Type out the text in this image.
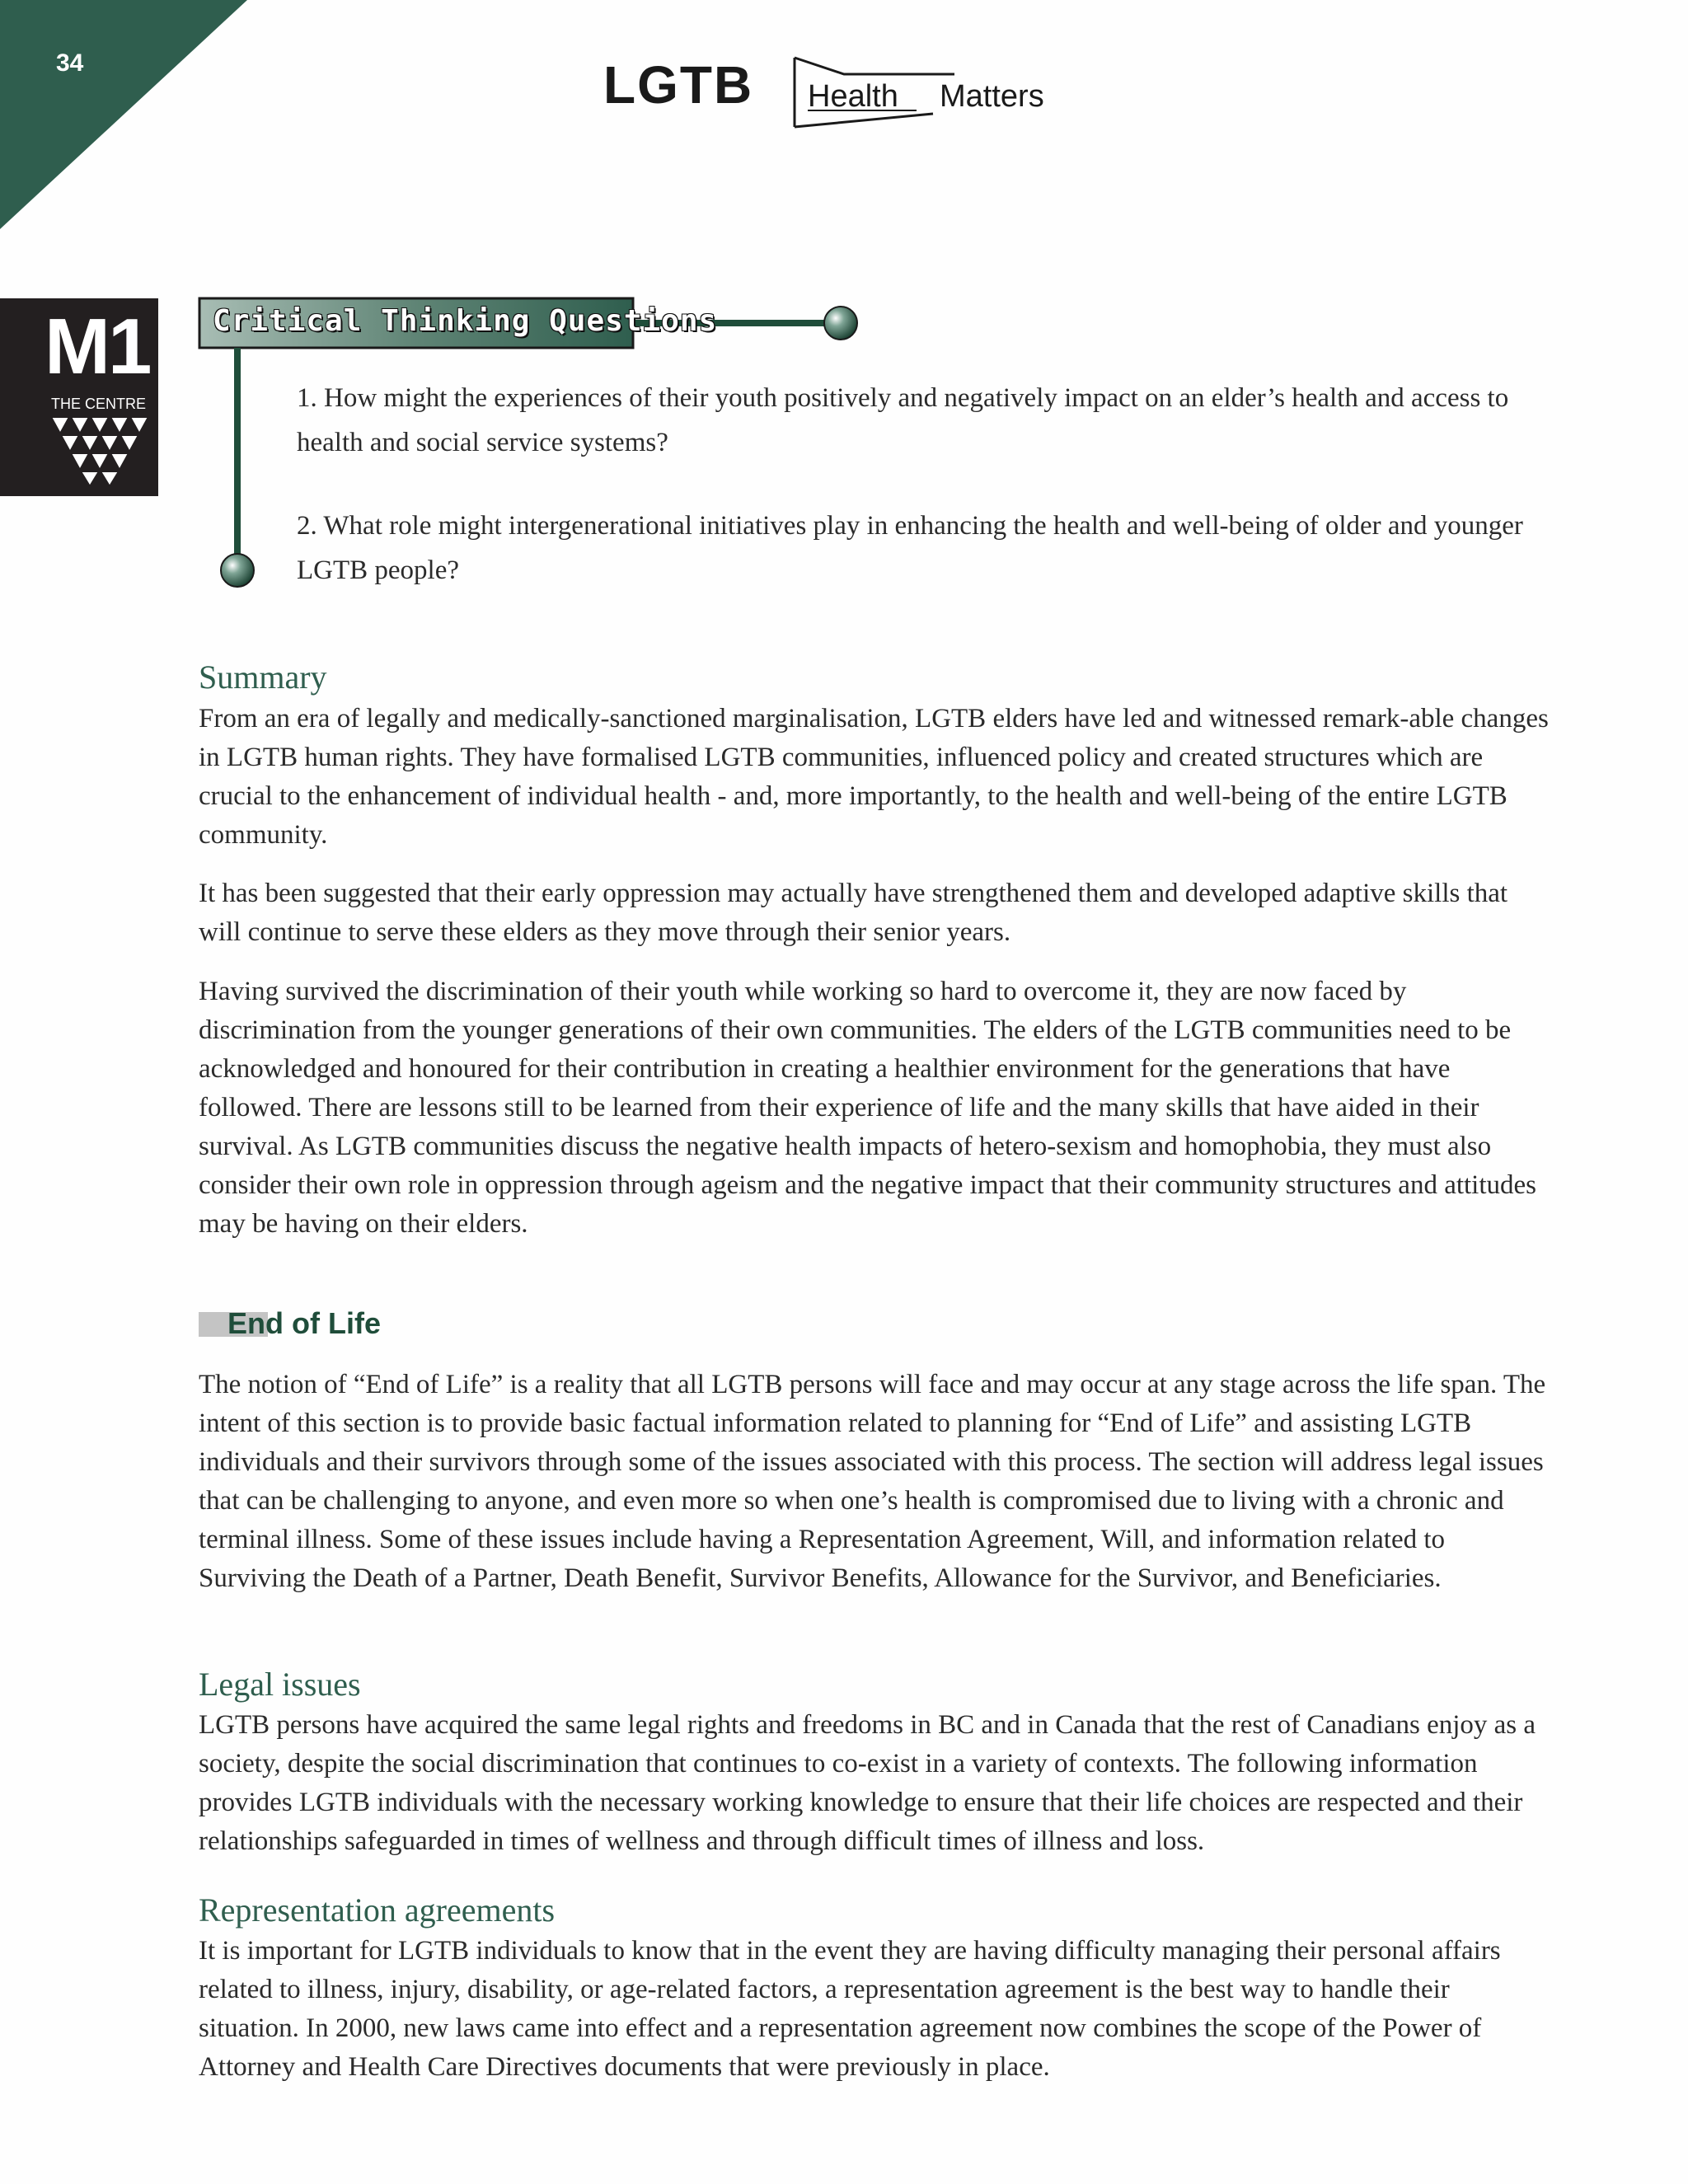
34	LGTB Health Matters
M1
THE CENTRE
Critical Thinking Questions
1. How might the experiences of their youth positively and negatively impact on an elder’s health and access to health and social service systems?
2. What role might intergenerational initiatives play in enhancing the health and well-being of older and younger LGTB people?
Summary

From an era of legally and medically-sanctioned marginalisation, LGTB elders have led and witnessed remark-able changes in LGTB human rights. They have formalised LGTB communities, influenced policy and created structures which are crucial to the enhancement of individual health - and, more importantly, to the health and well-being of the entire LGTB community.

It has been suggested that their early oppression may actually have strengthened them and developed adaptive skills that will continue to serve these elders as they move through their senior years.

Having survived the discrimination of their youth while working so hard to overcome it, they are now faced by discrimination from the younger generations of their own communities. The elders of the LGTB communities need to be acknowledged and honoured for their contribution in creating a healthier environment for the generations that have followed. There are lessons still to be learned from their experience of life and the many skills that have aided in their survival. As LGTB communities discuss the negative health impacts of hetero-sexism and homophobia, they must also consider their own role in oppression through ageism and the negative impact that their community structures and attitudes may be having on their elders.

End of Life

The notion of “End of Life” is a reality that all LGTB persons will face and may occur at any stage across the life span. The intent of this section is to provide basic factual information related to planning for “End of Life” and assisting LGTB individuals and their survivors through some of the issues associated with this process. The section will address legal issues that can be challenging to anyone, and even more so when one’s health is compromised due to living with a chronic and terminal illness. Some of these issues include having a Representation Agreement, Will, and information related to Surviving the Death of a Partner, Death Benefit, Survivor Benefits, Allowance for the Survivor, and Beneficiaries.

Legal issues

LGTB persons have acquired the same legal rights and freedoms in BC and in Canada that the rest of Canadians enjoy as a society, despite the social discrimination that continues to co-exist in a variety of contexts. The following information provides LGTB individuals with the necessary working knowledge to ensure that their life choices are respected and their relationships safeguarded in times of wellness and through difficult times of illness and loss.

Representation agreements

It is important for LGTB individuals to know that in the event they are having difficulty managing their personal affairs related to illness, injury, disability, or age-related factors, a representation agreement is the best way to handle their situation. In 2000, new laws came into effect and a representation agreement now combines the scope of the Power of Attorney and Health Care Directives documents that were previously in place.
